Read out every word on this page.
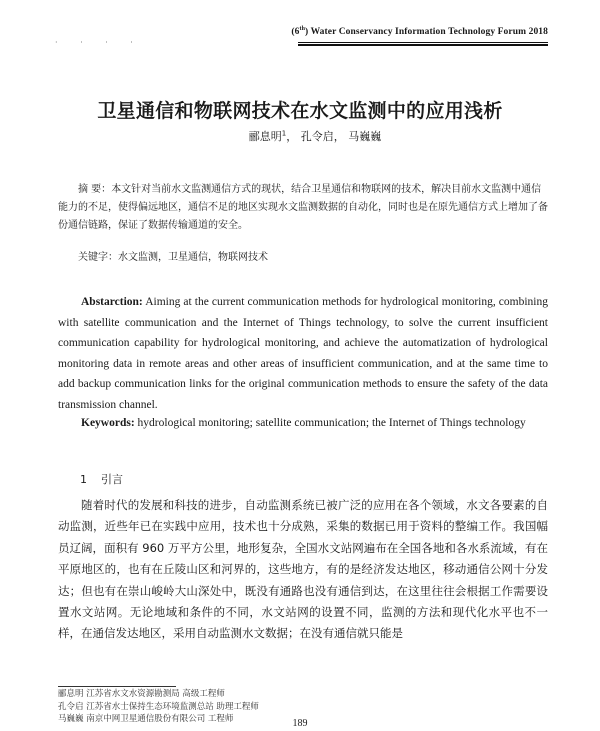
(6th) Water Conservancy Information Technology Forum 2018
· · · ·
卫星通信和物联网技术在水文监测中的应用浅析
郦息明$^1$， 孔令启， 马巍巍

摘 要：本文针对当前水文监测通信方式的现状，结合卫星通信和物联网的技术，解决目前水文监测中通信能力的不足，使得偏远地区，通信不足的地区实现水文监测数据的自动化，同时也是在原先通信方式上增加了备份通信链路，保证了数据传输通道的安全。

关键字：水文监测，卫星通信，物联网技术

Abstarction: Aiming at the current communication methods for hydrological monitoring, combining with satellite communication and the Internet of Things technology, to solve the current insufficient communication capability for hydrological monitoring, and achieve the automatization of hydrological monitoring data in remote areas and other areas of insufficient communication, and at the same time to add backup communication links for the original communication methods to ensure the safety of the data transmission channel.

Keywords: hydrological monitoring; satellite communication; the Internet of Things technology
1 引言

随着时代的发展和科技的进步，自动监测系统已被广泛的应用在各个领域，水文各要素的自动监测，近些年已在实践中应用，技术也十分成熟，采集的数据已用于资料的整编工作。我国幅员辽阔，面积有 960 万平方公里，地形复杂，全国水文站网遍布在全国各地和各水系流域，有在平原地区的，也有在丘陵山区和河界的，这些地方，有的是经济发达地区，移动通信公网十分发达；但也有在崇山峻岭大山深处中，既没有通路也没有通信到达，在这里往往会根据工作需要设置水文站网。无论地域和条件的不同，水文站网的设置不同，监测的方法和现代化水平也不一样，在通信发达地区，采用自动监测水文数据；在没有通信就只能是

郦息明 江苏省水文水资源勘测局 高级工程师
孔令启 江苏省水士保持生态环境监测总站 助理工程师
马巍巍 南京中网卫星通信股份有限公司 工程师	189
